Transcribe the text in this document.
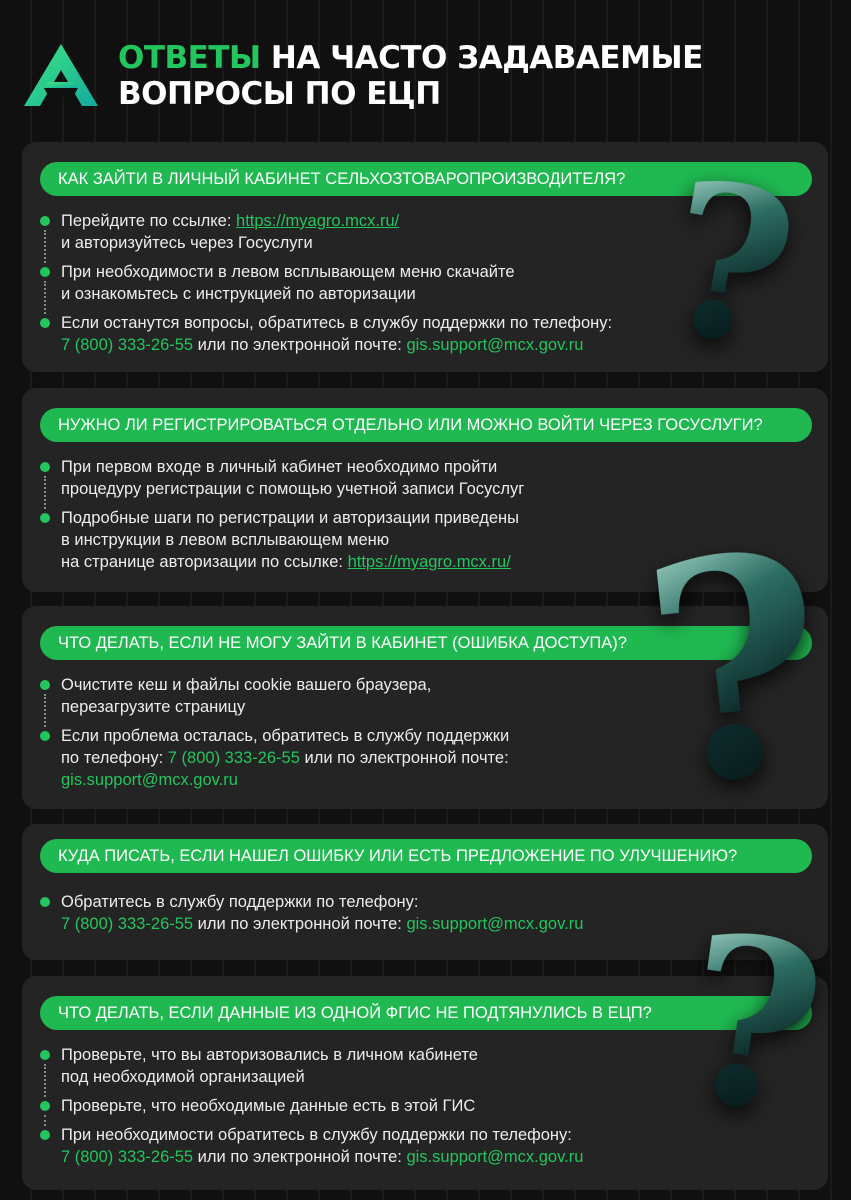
ОТВЕТЫ НА ЧАСТО ЗАДАВАЕМЫЕ ВОПРОСЫ ПО ЕЦП
КАК ЗАЙТИ В ЛИЧНЫЙ КАБИНЕТ СЕЛЬХОЗТОВАРОПРОИЗВОДИТЕЛЯ?
Перейдите по ссылке: https://myagro.mcx.ru/
и авторизуйтесь через Госуслуги
При необходимости в левом всплывающем меню скачайте
и ознакомьтесь с инструкцией по авторизации
Если останутся вопросы, обратитесь в службу поддержки по телефону:
7 (800) 333-26-55 или по электронной почте: gis.support@mcx.gov.ru
НУЖНО ЛИ РЕГИСТРИРОВАТЬСЯ ОТДЕЛЬНО ИЛИ МОЖНО ВОЙТИ ЧЕРЕЗ ГОСУСЛУГИ?
При первом входе в личный кабинет необходимо пройти
процедуру регистрации с помощью учетной записи Госуслуг
Подробные шаги по регистрации и авторизации приведены
в инструкции в левом всплывающем меню
на странице авторизации по ссылке: https://myagro.mcx.ru/
ЧТО ДЕЛАТЬ, ЕСЛИ НЕ МОГУ ЗАЙТИ В КАБИНЕТ (ОШИБКА ДОСТУПА)?
Очистите кеш и файлы cookie вашего браузера,
перезагрузите страницу
Если проблема осталась, обратитесь в службу поддержки
по телефону: 7 (800) 333-26-55 или по электронной почте:
gis.support@mcx.gov.ru
КУДА ПИСАТЬ, ЕСЛИ НАШЕЛ ОШИБКУ ИЛИ ЕСТЬ ПРЕДЛОЖЕНИЕ ПО УЛУЧШЕНИЮ?
Обратитесь в службу поддержки по телефону:
7 (800) 333-26-55 или по электронной почте: gis.support@mcx.gov.ru
ЧТО ДЕЛАТЬ, ЕСЛИ ДАННЫЕ ИЗ ОДНОЙ ФГИС НЕ ПОДТЯНУЛИСЬ В ЕЦП?
Проверьте, что вы авторизовались в личном кабинете
под необходимой организацией
Проверьте, что необходимые данные есть в этой ГИС
При необходимости обратитесь в службу поддержки по телефону:
7 (800) 333-26-55 или по электронной почте: gis.support@mcx.gov.ru
